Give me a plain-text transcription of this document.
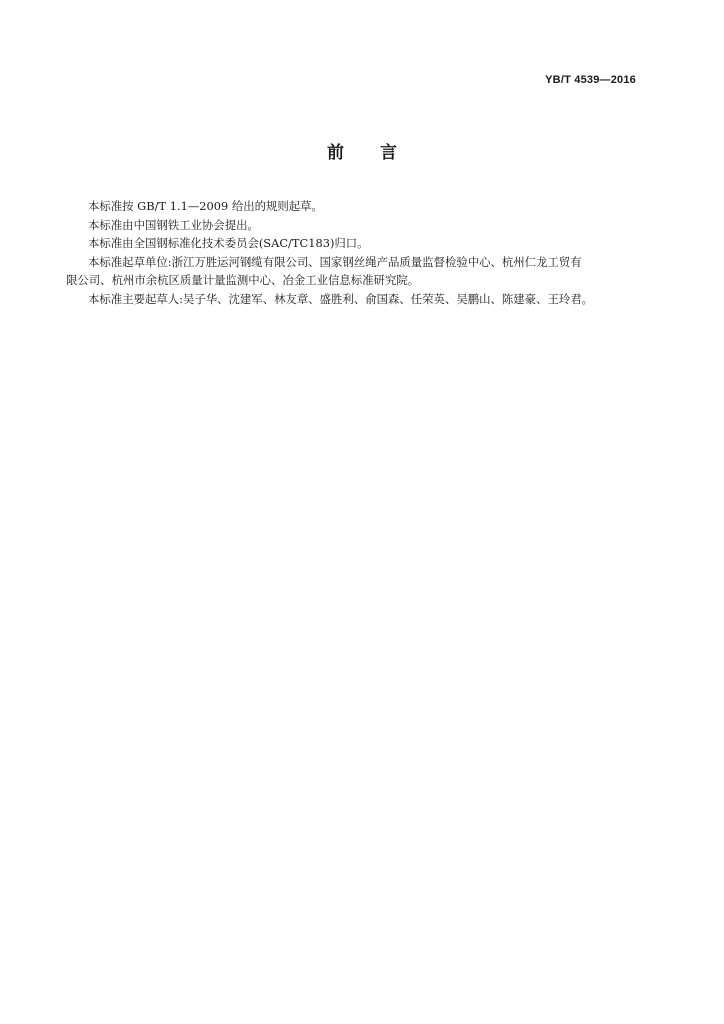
YB/T 4539—2016
前 言

本标准按 GB/T 1.1—2009 给出的规则起草。

本标准由中国钢铁工业协会提出。

本标准由全国钢标准化技术委员会(SAC/TC183)归口。

本标准起草单位:浙江万胜运河钢缆有限公司、国家钢丝绳产品质量监督检验中心、杭州仁龙工贸有

限公司、杭州市余杭区质量计量监测中心、冶金工业信息标准研究院。

本标准主要起草人:吴子华、沈建军、林友章、盛胜利、俞国森、任荣英、吴鹏山、陈建豪、王玲君。
